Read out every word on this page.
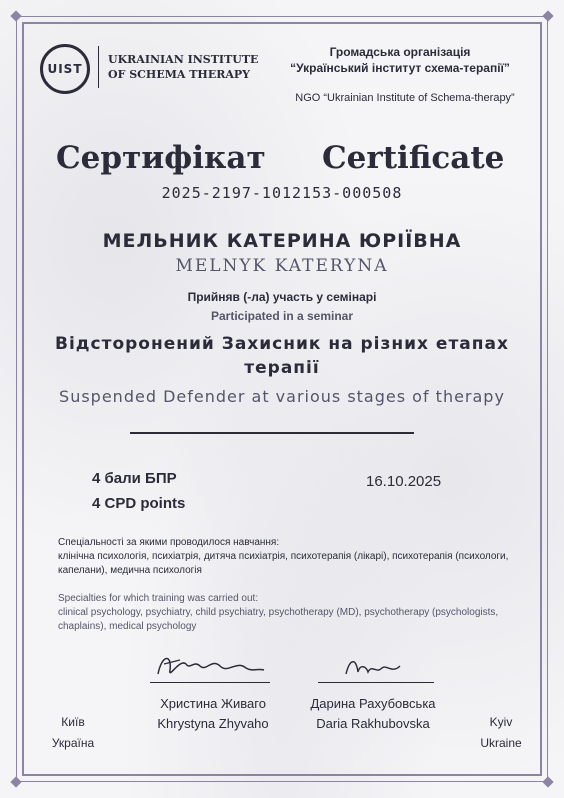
UIST
UKRAINIAN INSTITUTE OF SCHEMA THERAPY
Громадська організація
“Український інститут схема-терапії”
NGO “Ukrainian Institute of Schema-therapy”
Сертифікат Certificate
2025-2197-1012153-000508
МЕЛЬНИК КАТЕРИНА ЮРІЇВНА
MELNYK KATERYNA
Прийняв (-ла) участь у семінарі
Participated in a seminar
Відсторонений Захисник на різних етапах терапії
Suspended Defender at various stages of therapy
4 бали БПР
4 CPD points
16.10.2025
Спеціальності за якими проводилося навчання:
клінічна психологія, психіатрія, дитяча психіатрія, психотерапія (лікарі), психотерапія (психологи, капелани), медична психологія
Specialties for which training was carried out:
clinical psychology, psychiatry, child psychiatry, psychotherapy (MD), psychotherapy (psychologists, chaplains), medical psychology
Христина Живаго
Khrystyna Zhyvaho
Дарина Рахубовська
Daria Rakhubovska
Київ
Україна
Kyiv
Ukraine
